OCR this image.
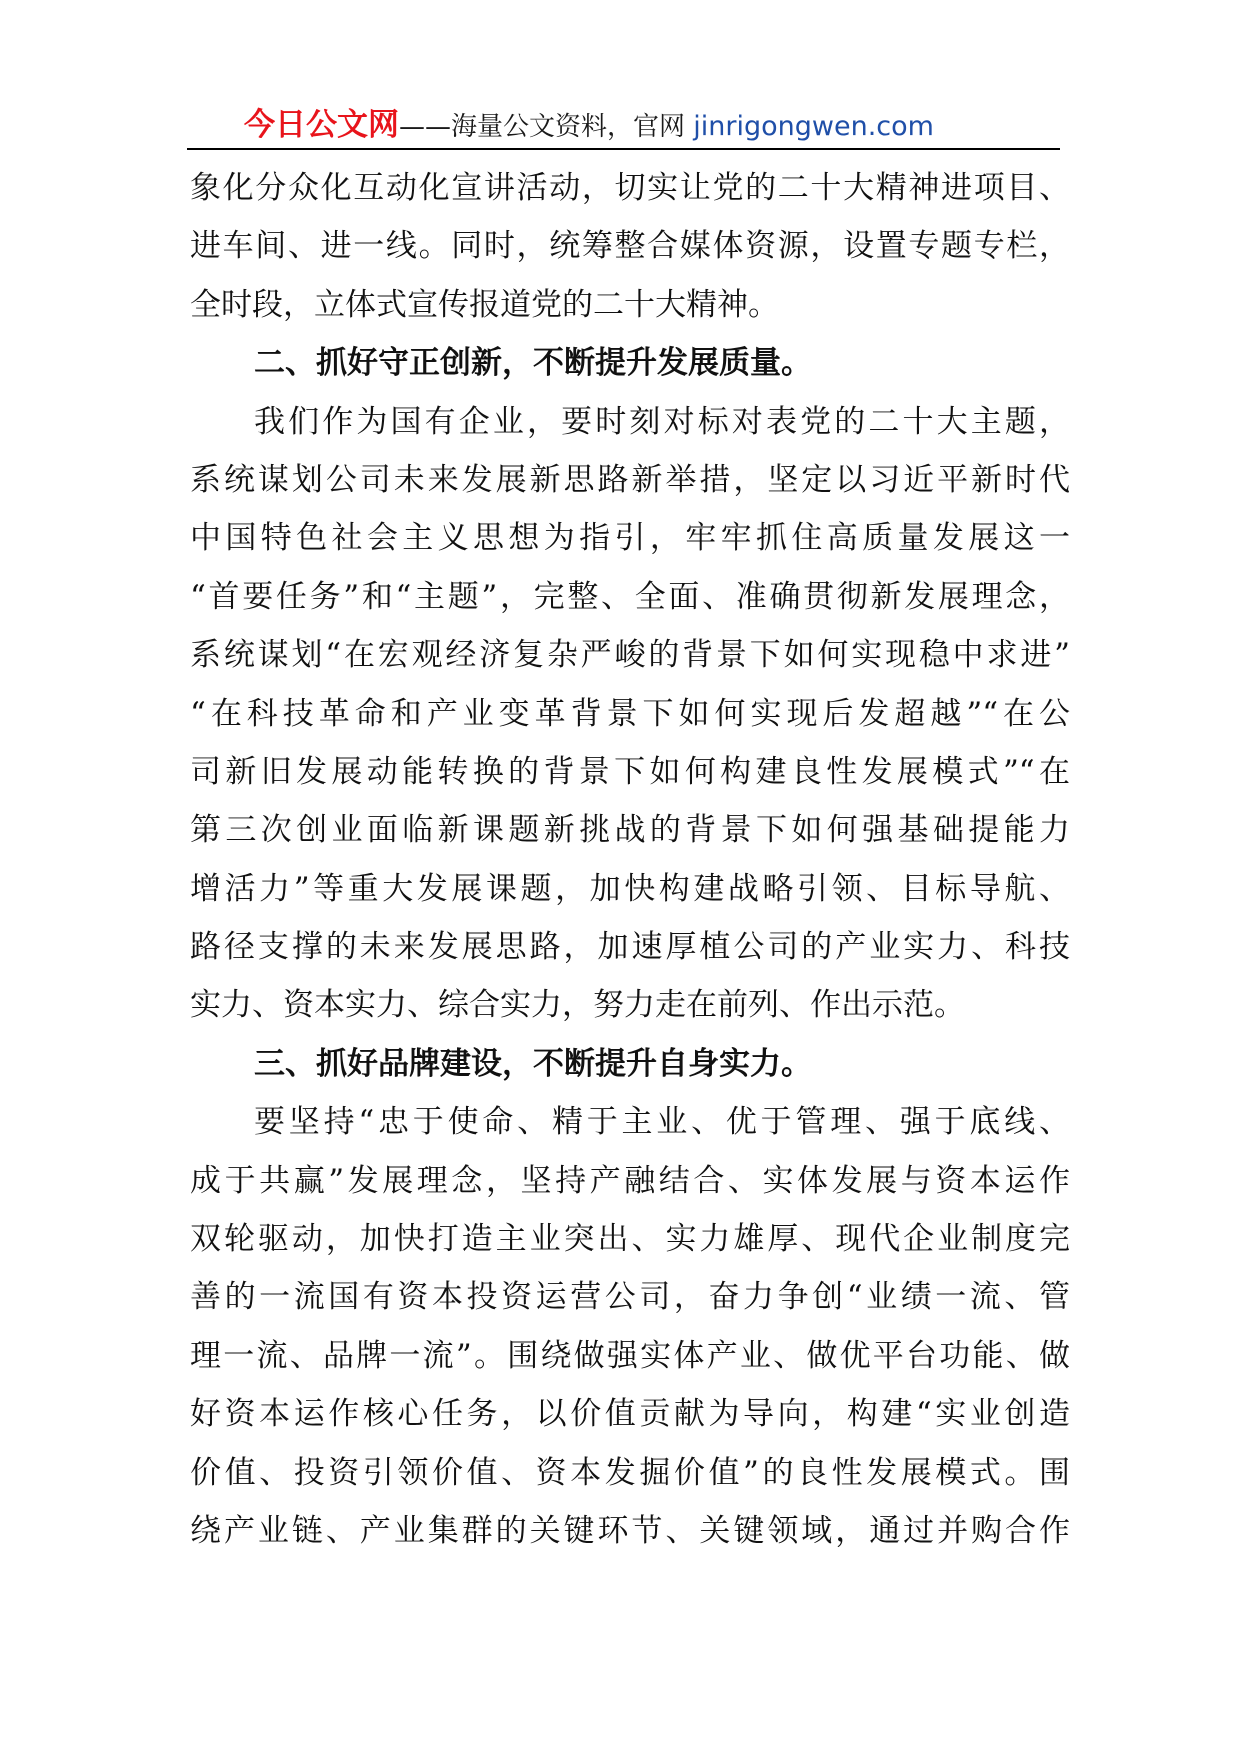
今日公文网——海量公文资料，官网 jinrigongwen.com
象化分众化互动化宣讲活动，切实让党的二十大精神进项目、
进车间、进一线。同时，统筹整合媒体资源，设置专题专栏，
全时段，立体式宣传报道党的二十大精神。
二、抓好守正创新，不断提升发展质量。
我们作为国有企业，要时刻对标对表党的二十大主题，
系统谋划公司未来发展新思路新举措，坚定以习近平新时代
中国特色社会主义思想为指引，牢牢抓住高质量发展这一
“首要任务”和“主题”，完整、全面、准确贯彻新发展理念，
系统谋划“在宏观经济复杂严峻的背景下如何实现稳中求进”
“在科技革命和产业变革背景下如何实现后发超越”“在公
司新旧发展动能转换的背景下如何构建良性发展模式”“在
第三次创业面临新课题新挑战的背景下如何强基础提能力
增活力”等重大发展课题，加快构建战略引领、目标导航、
路径支撑的未来发展思路，加速厚植公司的产业实力、科技
实力、资本实力、综合实力，努力走在前列、作出示范。
三、抓好品牌建设，不断提升自身实力。
要坚持“忠于使命、精于主业、优于管理、强于底线、
成于共赢”发展理念，坚持产融结合、实体发展与资本运作
双轮驱动，加快打造主业突出、实力雄厚、现代企业制度完
善的一流国有资本投资运营公司，奋力争创“业绩一流、管
理一流、品牌一流”。围绕做强实体产业、做优平台功能、做
好资本运作核心任务，以价值贡献为导向，构建“实业创造
价值、投资引领价值、资本发掘价值”的良性发展模式。围
绕产业链、产业集群的关键环节、关键领域，通过并购合作
